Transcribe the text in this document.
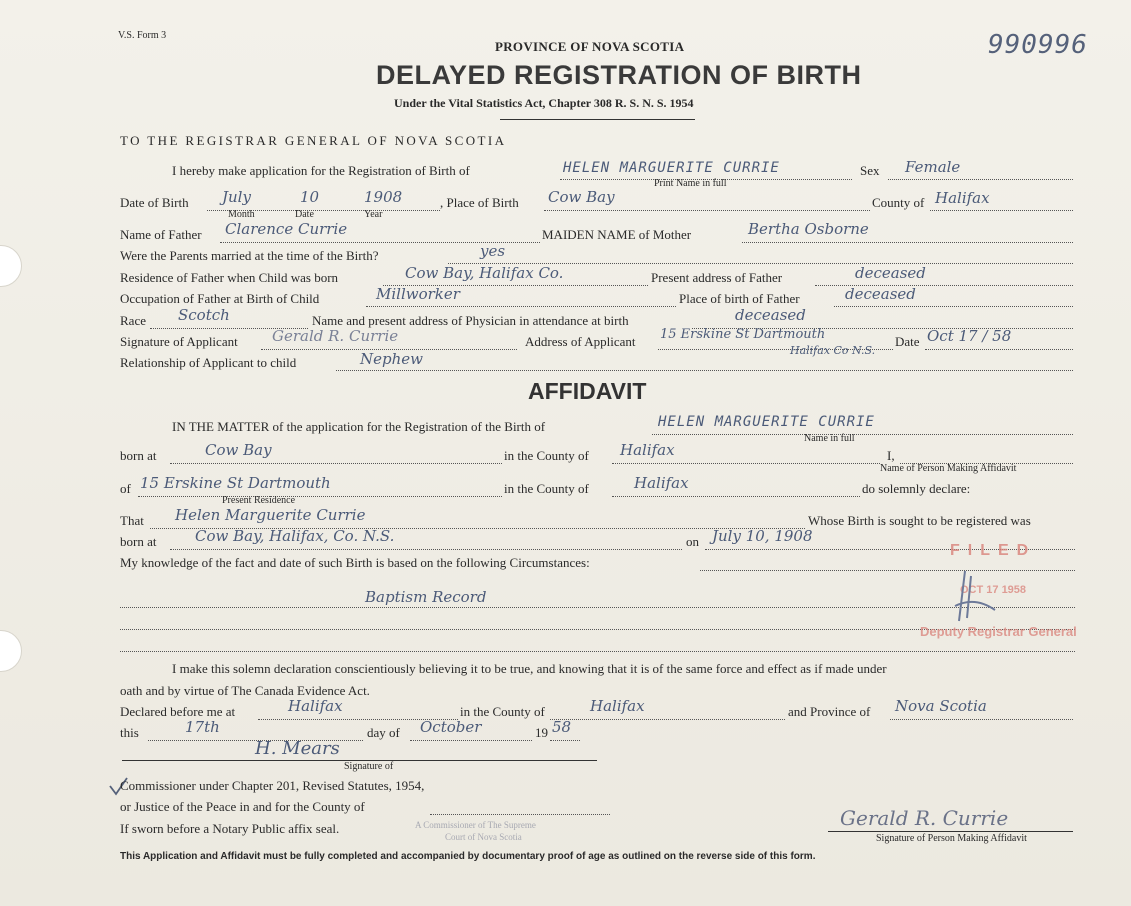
V.S. Form 3	990996
PROVINCE OF NOVA SCOTIA
DELAYED REGISTRATION OF BIRTH
Under the Vital Statistics Act, Chapter 308 R. S. N. S. 1954
TO THE REGISTRAR GENERAL OF NOVA SCOTIA
I hereby make application for the Registration of Birth of	HELEN MARGUERITE CURRIE
Print Name in full
Sex Female
Date of Birth July	10	1908
Month	Date	Year
, Place of Birth Cow Bay	County of Halifax
Name of Father Clarence Currie	MAIDEN NAME of Mother	Bertha Osborne
Were the Parents married at the time of the Birth?	yes
Residence of Father when Child was born	Cow Bay, Halifax Co.	Present address of Father	deceased
Occupation of Father at Birth of Child	Millworker	Place of birth of Father	deceased
Race Scotch	Name and present address of Physician in attendance at birth	deceased
Signature of Applicant Gerald R. Currie	Address of Applicant 15 Erskine St Dartmouth
Halifax Co N.S.
Date Oct 17 / 58
Relationship of Applicant to child	Nephew
AFFIDAVIT
IN THE MATTER of the application for the Registration of the Birth of	HELEN MARGUERITE CURRIE
Name in full
born at	Cow Bay	in the County of Halifax	I,
Name of Person Making Affidavit
of 15 Erskine St Dartmouth
Present Residence
in the County of	Halifax	do solemnly declare:
That Helen Marguerite Currie	Whose Birth is sought to be registered was
born at	Cow Bay, Halifax, Co. N.S.	on July 10, 1908
My knowledge of the fact and date of such Birth is based on the following Circumstances:
Baptism Record
FILED
OCT 17 1958
Deputy Registrar General
I make this solemn declaration conscientiously believing it to be true, and knowing that it is of the same force and effect as if made under
oath and by virtue of The Canada Evidence Act.
Declared before me at	Halifax	in the County of	Halifax	and Province of Nova Scotia
this	17th	day of October	19 58
H. Mears
Signature of
Commissioner under Chapter 201, Revised Statutes, 1954,
or Justice of the Peace in and for the County of
If sworn before a Notary Public affix seal.	A Commissioner of The Supreme
Court of Nova Scotia
Gerald R. Currie
Signature of Person Making Affidavit
This Application and Affidavit must be fully completed and accompanied by documentary proof of age as outlined on the reverse side of this form.
